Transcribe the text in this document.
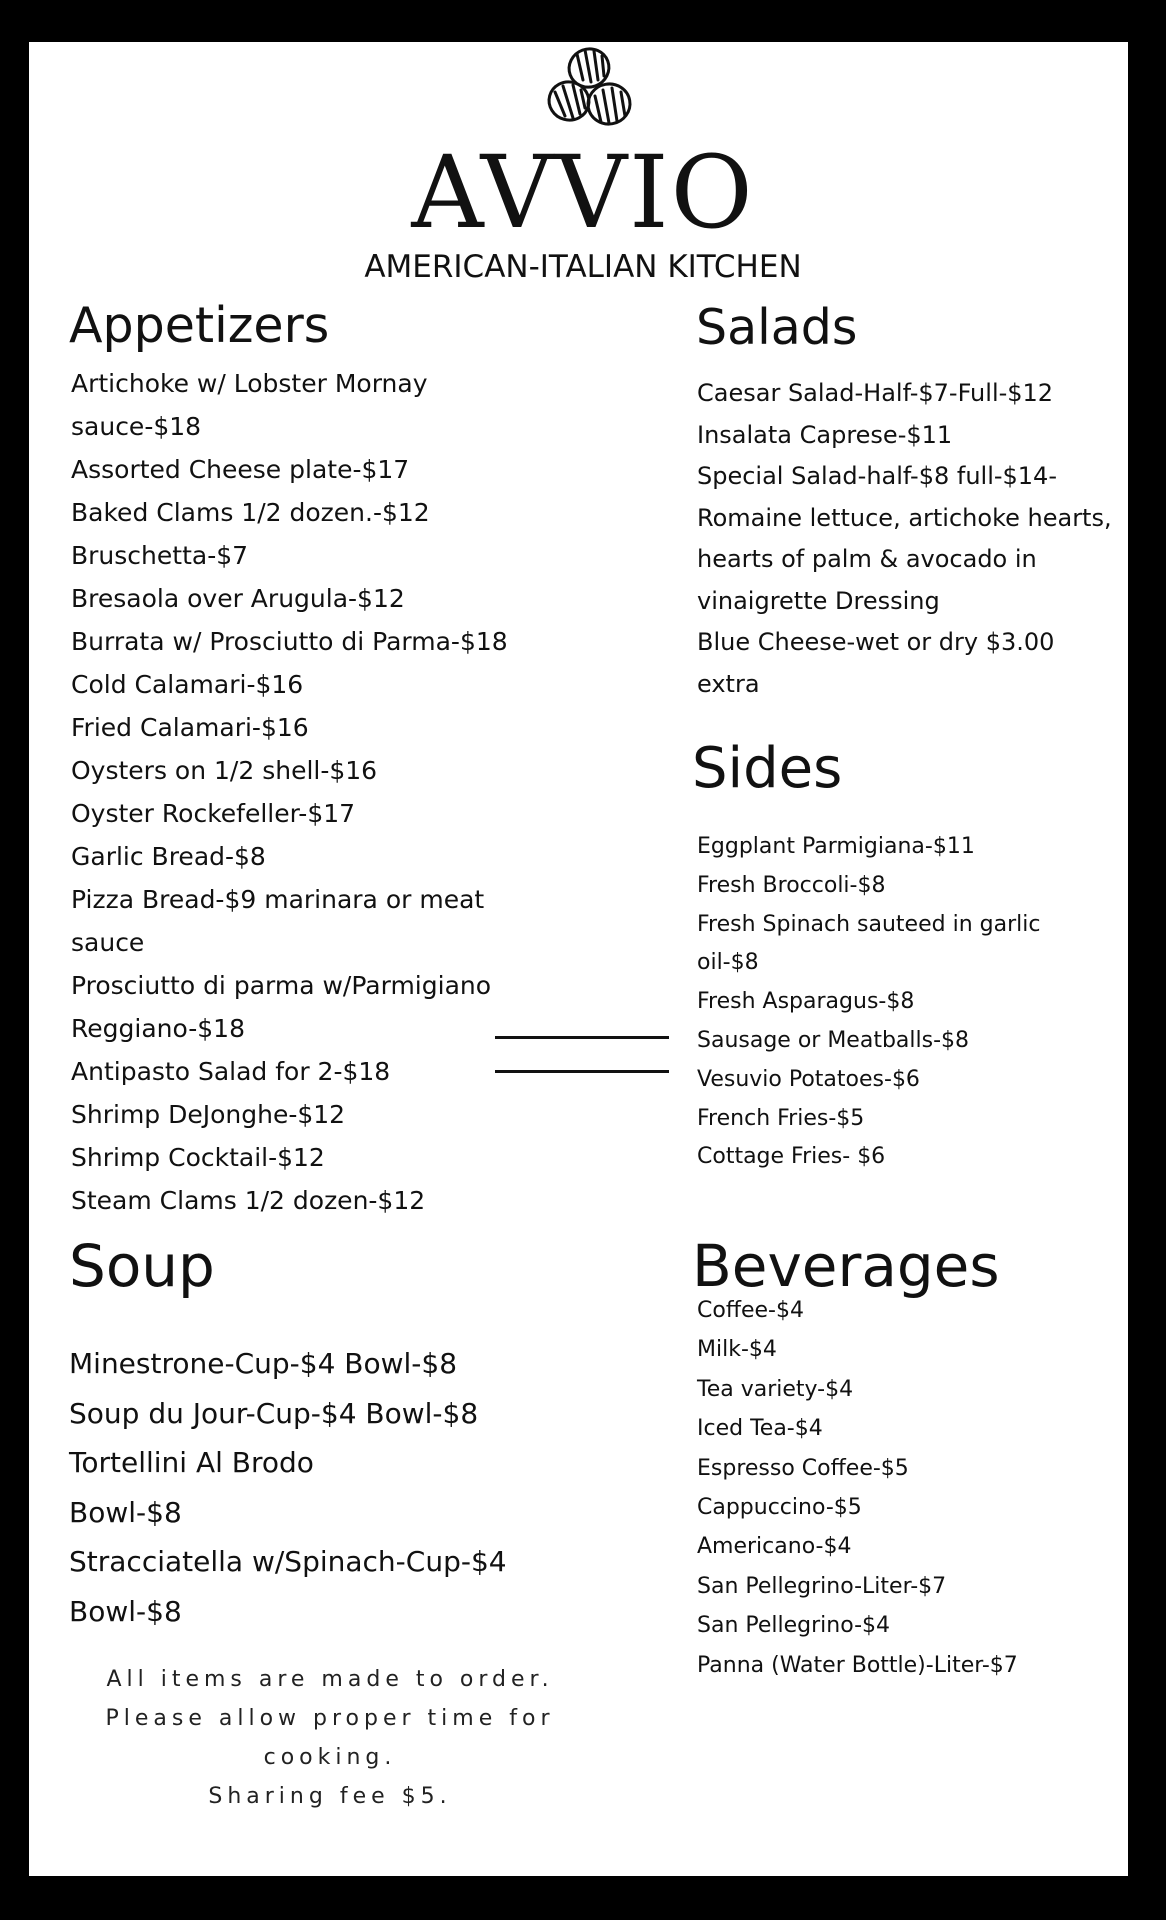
AVVIO
AMERICAN-ITALIAN KITCHEN
Appetizers
Artichoke w/ Lobster Mornay
sauce-$18
Assorted Cheese plate-$17
Baked Clams 1/2 dozen.-$12
Bruschetta-$7
Bresaola over Arugula-$12
Burrata w/ Prosciutto di Parma-$18
Cold Calamari-$16
Fried Calamari-$16
Oysters on 1/2 shell-$16
Oyster Rockefeller-$17
Garlic Bread-$8
Pizza Bread-$9 marinara or meat
sauce
Prosciutto di parma w/Parmigiano
Reggiano-$18
Antipasto Salad for 2-$18
Shrimp DeJonghe-$12
Shrimp Cocktail-$12
Steam Clams 1/2 dozen-$12
Salads
Caesar Salad-Half-$7-Full-$12
Insalata Caprese-$11
Special Salad-half-$8 full-$14-
Romaine lettuce, artichoke hearts,
hearts of palm & avocado in
vinaigrette Dressing
Blue Cheese-wet or dry $3.00
extra
Sides
Eggplant Parmigiana-$11
Fresh Broccoli-$8
Fresh Spinach sauteed in garlic
oil-$8
Fresh Asparagus-$8
Sausage or Meatballs-$8
Vesuvio Potatoes-$6
French Fries-$5
Cottage Fries- $6
Soup
Minestrone-Cup-$4 Bowl-$8
Soup du Jour-Cup-$4 Bowl-$8
Tortellini Al Brodo
Bowl-$8
Stracciatella w/Spinach-Cup-$4
Bowl-$8
Beverages
Coffee-$4
Milk-$4
Tea variety-$4
Iced Tea-$4
Espresso Coffee-$5
Cappuccino-$5
Americano-$4
San Pellegrino-Liter-$7
San Pellegrino-$4
Panna (Water Bottle)-Liter-$7
All items are made to order.
Please allow proper time for
cooking.
Sharing fee $5.
